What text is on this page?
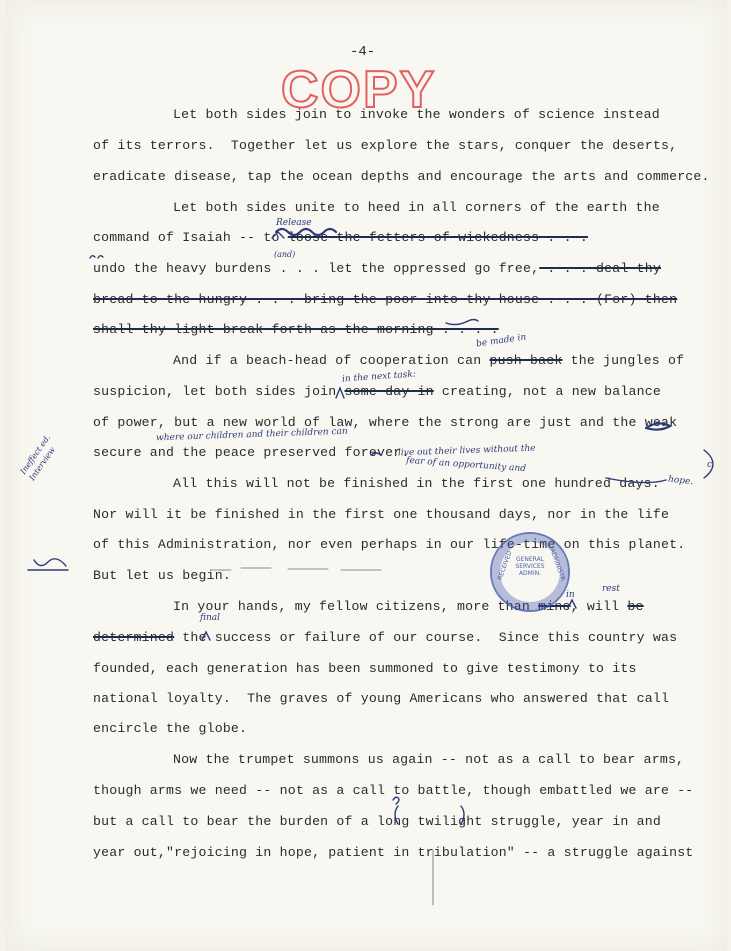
-4-
COPY
Let both sides join to invoke the wonders of science instead
of its terrors.  Together let us explore the stars, conquer the deserts,
eradicate disease, tap the ocean depths and encourage the arts and commerce.
Let both sides unite to heed in all corners of the earth the
command of Isaiah -- to loose the fetters of wickedness . . .
undo the heavy burdens . . . let the oppressed go free, . . . deal thy
bread to the hungry . . . bring the poor into thy house . . . (For) then
shall thy light break forth as the morning . . . .
And if a beach-head of cooperation can push back the jungles of
suspicion, let both sides join some day in creating, not a new balance
of power, but a new world of law, where the strong are just and the weak
secure and the peace preserved forever.
All this will not be finished in the first one hundred days.
Nor will it be finished in the first one thousand days, nor in the life
of this Administration, nor even perhaps in our life-time on this planet.
But let us begin.
In your hands, my fellow citizens, more than mine, will be
determined the success or failure of our course.  Since this country was
founded, each generation has been summoned to give testimony to its
national loyalty.  The graves of young Americans who answered that call
encircle the globe.
Now the trumpet summons us again -- not as a call to bear arms,
though arms we need -- not as a call to battle, though embattled we are --
but a call to bear the burden of a long twilight struggle, year in and
year out,"rejoicing in hope, patient in tribulation" -- a struggle against
Release
(and)
be made in
in the next task:
where our children and their children can
live out their lives without the
fear of an opportunity and
hope.
c
final
rest
in
Ineffect ed. Interview
RECEIVED	ADMINISTR.
GENERAL SERVICES ADMIN.
